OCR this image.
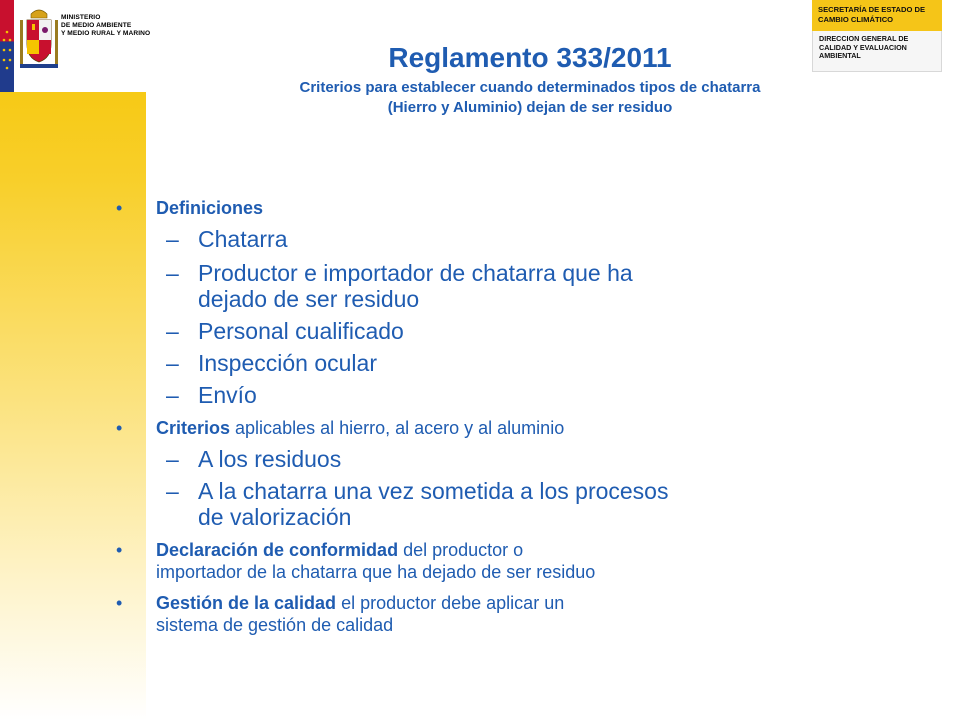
MINISTERIO
DE MEDIO AMBIENTE
Y MEDIO RURAL Y MARINO
SECRETARÍA DE ESTADO DE CAMBIO CLIMÁTICO
DIRECCION GENERAL DE CALIDAD Y EVALUACION AMBIENTAL
Reglamento 333/2011
Criterios para establecer cuando determinados tipos de chatarra
(Hierro y Aluminio) dejan de ser residuo
• Definiciones
– Chatarra
– Productor e importador de chatarra que ha
dejado de ser residuo
– Personal cualificado
– Inspección ocular
– Envío
• Criterios aplicables al hierro, al acero y al aluminio
– A los residuos
– A la chatarra una vez sometida a los procesos
de valorización
• Declaración de conformidad del productor o
importador de la chatarra que ha dejado de ser residuo
• Gestión de la calidad el productor debe aplicar un
sistema de gestión de calidad
